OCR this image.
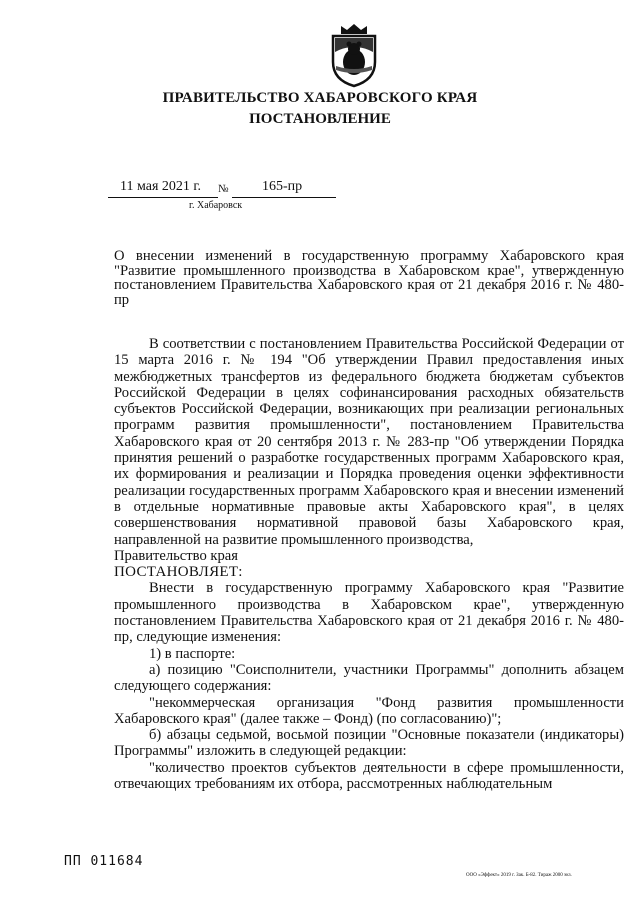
ПРАВИТЕЛЬСТВО ХАБАРОВСКОГО КРАЯ
ПОСТАНОВЛЕНИЕ
11 мая 2021 г. № 165-пр
г. Хабаровск
О внесении изменений в государственную программу Хабаровского края "Развитие промышленного производства в Хабаровском крае", утвержденную постановлением Правительства Хабаровского края от 21 декабря 2016 г. № 480-пр

В соответствии с постановлением Правительства Российской Федерации от 15 марта 2016 г. № 194 "Об утверждении Правил предоставления иных межбюджетных трансфертов из федерального бюджета бюджетам субъектов Российской Федерации в целях софинансирования расходных обязательств субъектов Российской Федерации, возникающих при реализации региональных программ развития промышленности", постановлением Правительства Хабаровского края от 20 сентября 2013 г. № 283-пр "Об утверждении Порядка принятия решений о разработке государственных программ Хабаровского края, их формирования и реализации и Порядка проведения оценки эффективности реализации государственных программ Хабаровского края и внесении изменений в отдельные нормативные правовые акты Хабаровского края", в целях совершенствования нормативной правовой базы Хабаровского края, направленной на развитие промышленного производства,

Правительство края

ПОСТАНОВЛЯЕТ:

Внести в государственную программу Хабаровского края "Развитие промышленного производства в Хабаровском крае", утвержденную постановлением Правительства Хабаровского края от 21 декабря 2016 г. № 480-пр, следующие изменения:

1) в паспорте:

а) позицию "Соисполнители, участники Программы" дополнить абзацем следующего содержания:

"некоммерческая организация "Фонд развития промышленности Хабаровского края" (далее также – Фонд) (по согласованию)";

б) абзацы седьмой, восьмой позиции "Основные показатели (индикаторы) Программы" изложить в следующей редакции:

"количество проектов субъектов деятельности в сфере промышленности, отвечающих требованиям их отбора, рассмотренных наблюдательным

ПП 011684
ООО «Эффект» 2019 г. Зак. Б-82. Тираж 2000 экз.
